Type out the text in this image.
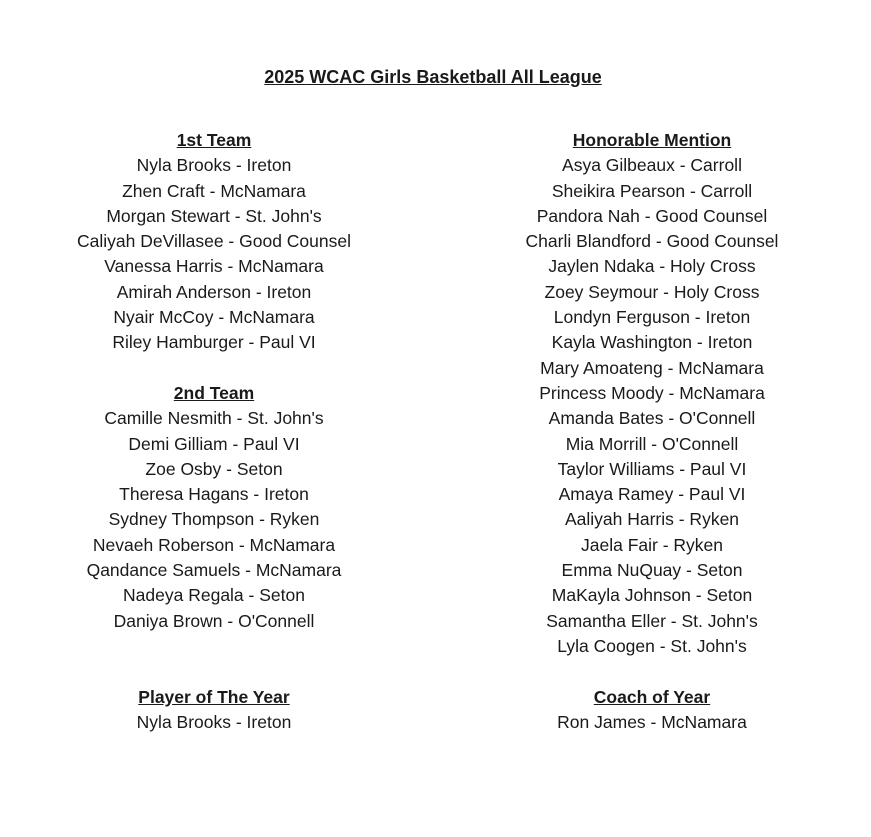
2025 WCAC Girls Basketball All League
1st Team
Nyla Brooks - Ireton
Zhen Craft - McNamara
Morgan Stewart - St. John's
Caliyah DeVillasee - Good Counsel
Vanessa Harris - McNamara
Amirah Anderson - Ireton
Nyair McCoy - McNamara
Riley Hamburger - Paul VI
2nd Team
Camille Nesmith - St. John's
Demi Gilliam - Paul VI
Zoe Osby - Seton
Theresa Hagans - Ireton
Sydney Thompson - Ryken
Nevaeh Roberson - McNamara
Qandance Samuels - McNamara
Nadeya Regala - Seton
Daniya Brown - O'Connell
Honorable Mention
Asya Gilbeaux - Carroll
Sheikira Pearson - Carroll
Pandora Nah - Good Counsel
Charli Blandford - Good Counsel
Jaylen Ndaka - Holy Cross
Zoey Seymour - Holy Cross
Londyn Ferguson - Ireton
Kayla Washington - Ireton
Mary Amoateng - McNamara
Princess Moody - McNamara
Amanda Bates - O'Connell
Mia Morrill - O'Connell
Taylor Williams - Paul VI
Amaya Ramey - Paul VI
Aaliyah Harris - Ryken
Jaela Fair - Ryken
Emma NuQuay - Seton
MaKayla Johnson - Seton
Samantha Eller - St. John's
Lyla Coogen - St. John's
Player of The Year
Nyla Brooks - Ireton
Coach of Year
Ron James - McNamara
